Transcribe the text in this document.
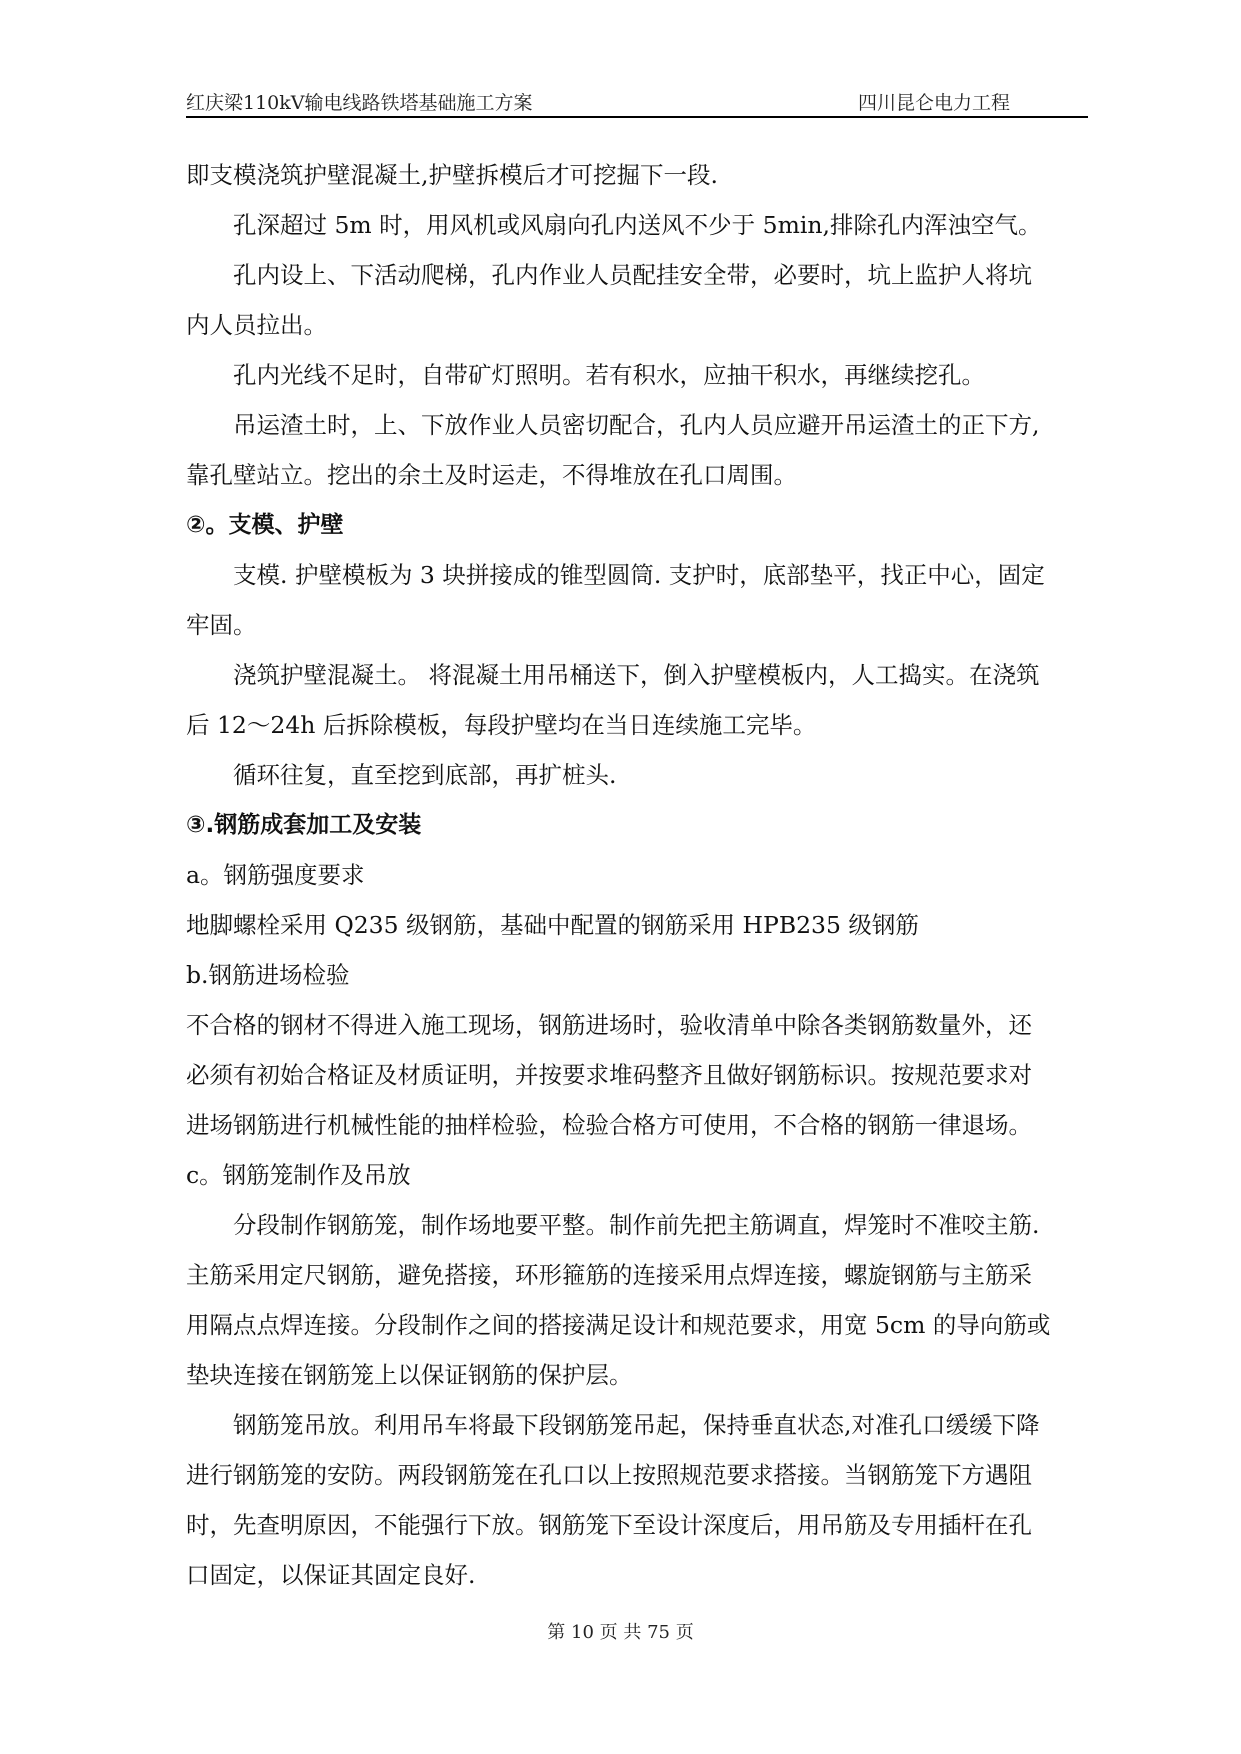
红庆梁110kV输电线路铁塔基础施工方案	四川昆仑电力工程

即支模浇筑护壁混凝土,护壁拆模后才可挖掘下一段.

孔深超过 5m 时，用风机或风扇向孔内送风不少于 5min,排除孔内浑浊空气。

孔内设上、下活动爬梯，孔内作业人员配挂安全带，必要时，坑上监护人将坑

内人员拉出。

孔内光线不足时，自带矿灯照明。若有积水，应抽干积水，再继续挖孔。

吊运渣土时，上、下放作业人员密切配合，孔内人员应避开吊运渣土的正下方,

靠孔壁站立。挖出的余土及时运走，不得堆放在孔口周围。

②。支模、护壁

支模. 护壁模板为 3 块拼接成的锥型圆筒. 支护时，底部垫平，找正中心，固定

牢固。

浇筑护壁混凝土。 将混凝土用吊桶送下，倒入护壁模板内，人工捣实。在浇筑

后 12～24h 后拆除模板，每段护壁均在当日连续施工完毕。

循环往复，直至挖到底部，再扩桩头.

③.钢筋成套加工及安装

a。钢筋强度要求

地脚螺栓采用 Q235 级钢筋，基础中配置的钢筋采用 HPB235 级钢筋

b.钢筋进场检验

不合格的钢材不得进入施工现场，钢筋进场时，验收清单中除各类钢筋数量外，还

必须有初始合格证及材质证明，并按要求堆码整齐且做好钢筋标识。按规范要求对

进场钢筋进行机械性能的抽样检验，检验合格方可使用，不合格的钢筋一律退场。

c。钢筋笼制作及吊放

分段制作钢筋笼，制作场地要平整。制作前先把主筋调直，焊笼时不准咬主筋.

主筋采用定尺钢筋，避免搭接，环形箍筋的连接采用点焊连接，螺旋钢筋与主筋采

用隔点点焊连接。分段制作之间的搭接满足设计和规范要求，用宽 5cm 的导向筋或

垫块连接在钢筋笼上以保证钢筋的保护层。

钢筋笼吊放。利用吊车将最下段钢筋笼吊起，保持垂直状态,对准孔口缓缓下降

进行钢筋笼的安防。两段钢筋笼在孔口以上按照规范要求搭接。当钢筋笼下方遇阻

时，先查明原因，不能强行下放。钢筋笼下至设计深度后，用吊筋及专用插杆在孔

口固定，以保证其固定良好.

第 10 页 共 75 页
